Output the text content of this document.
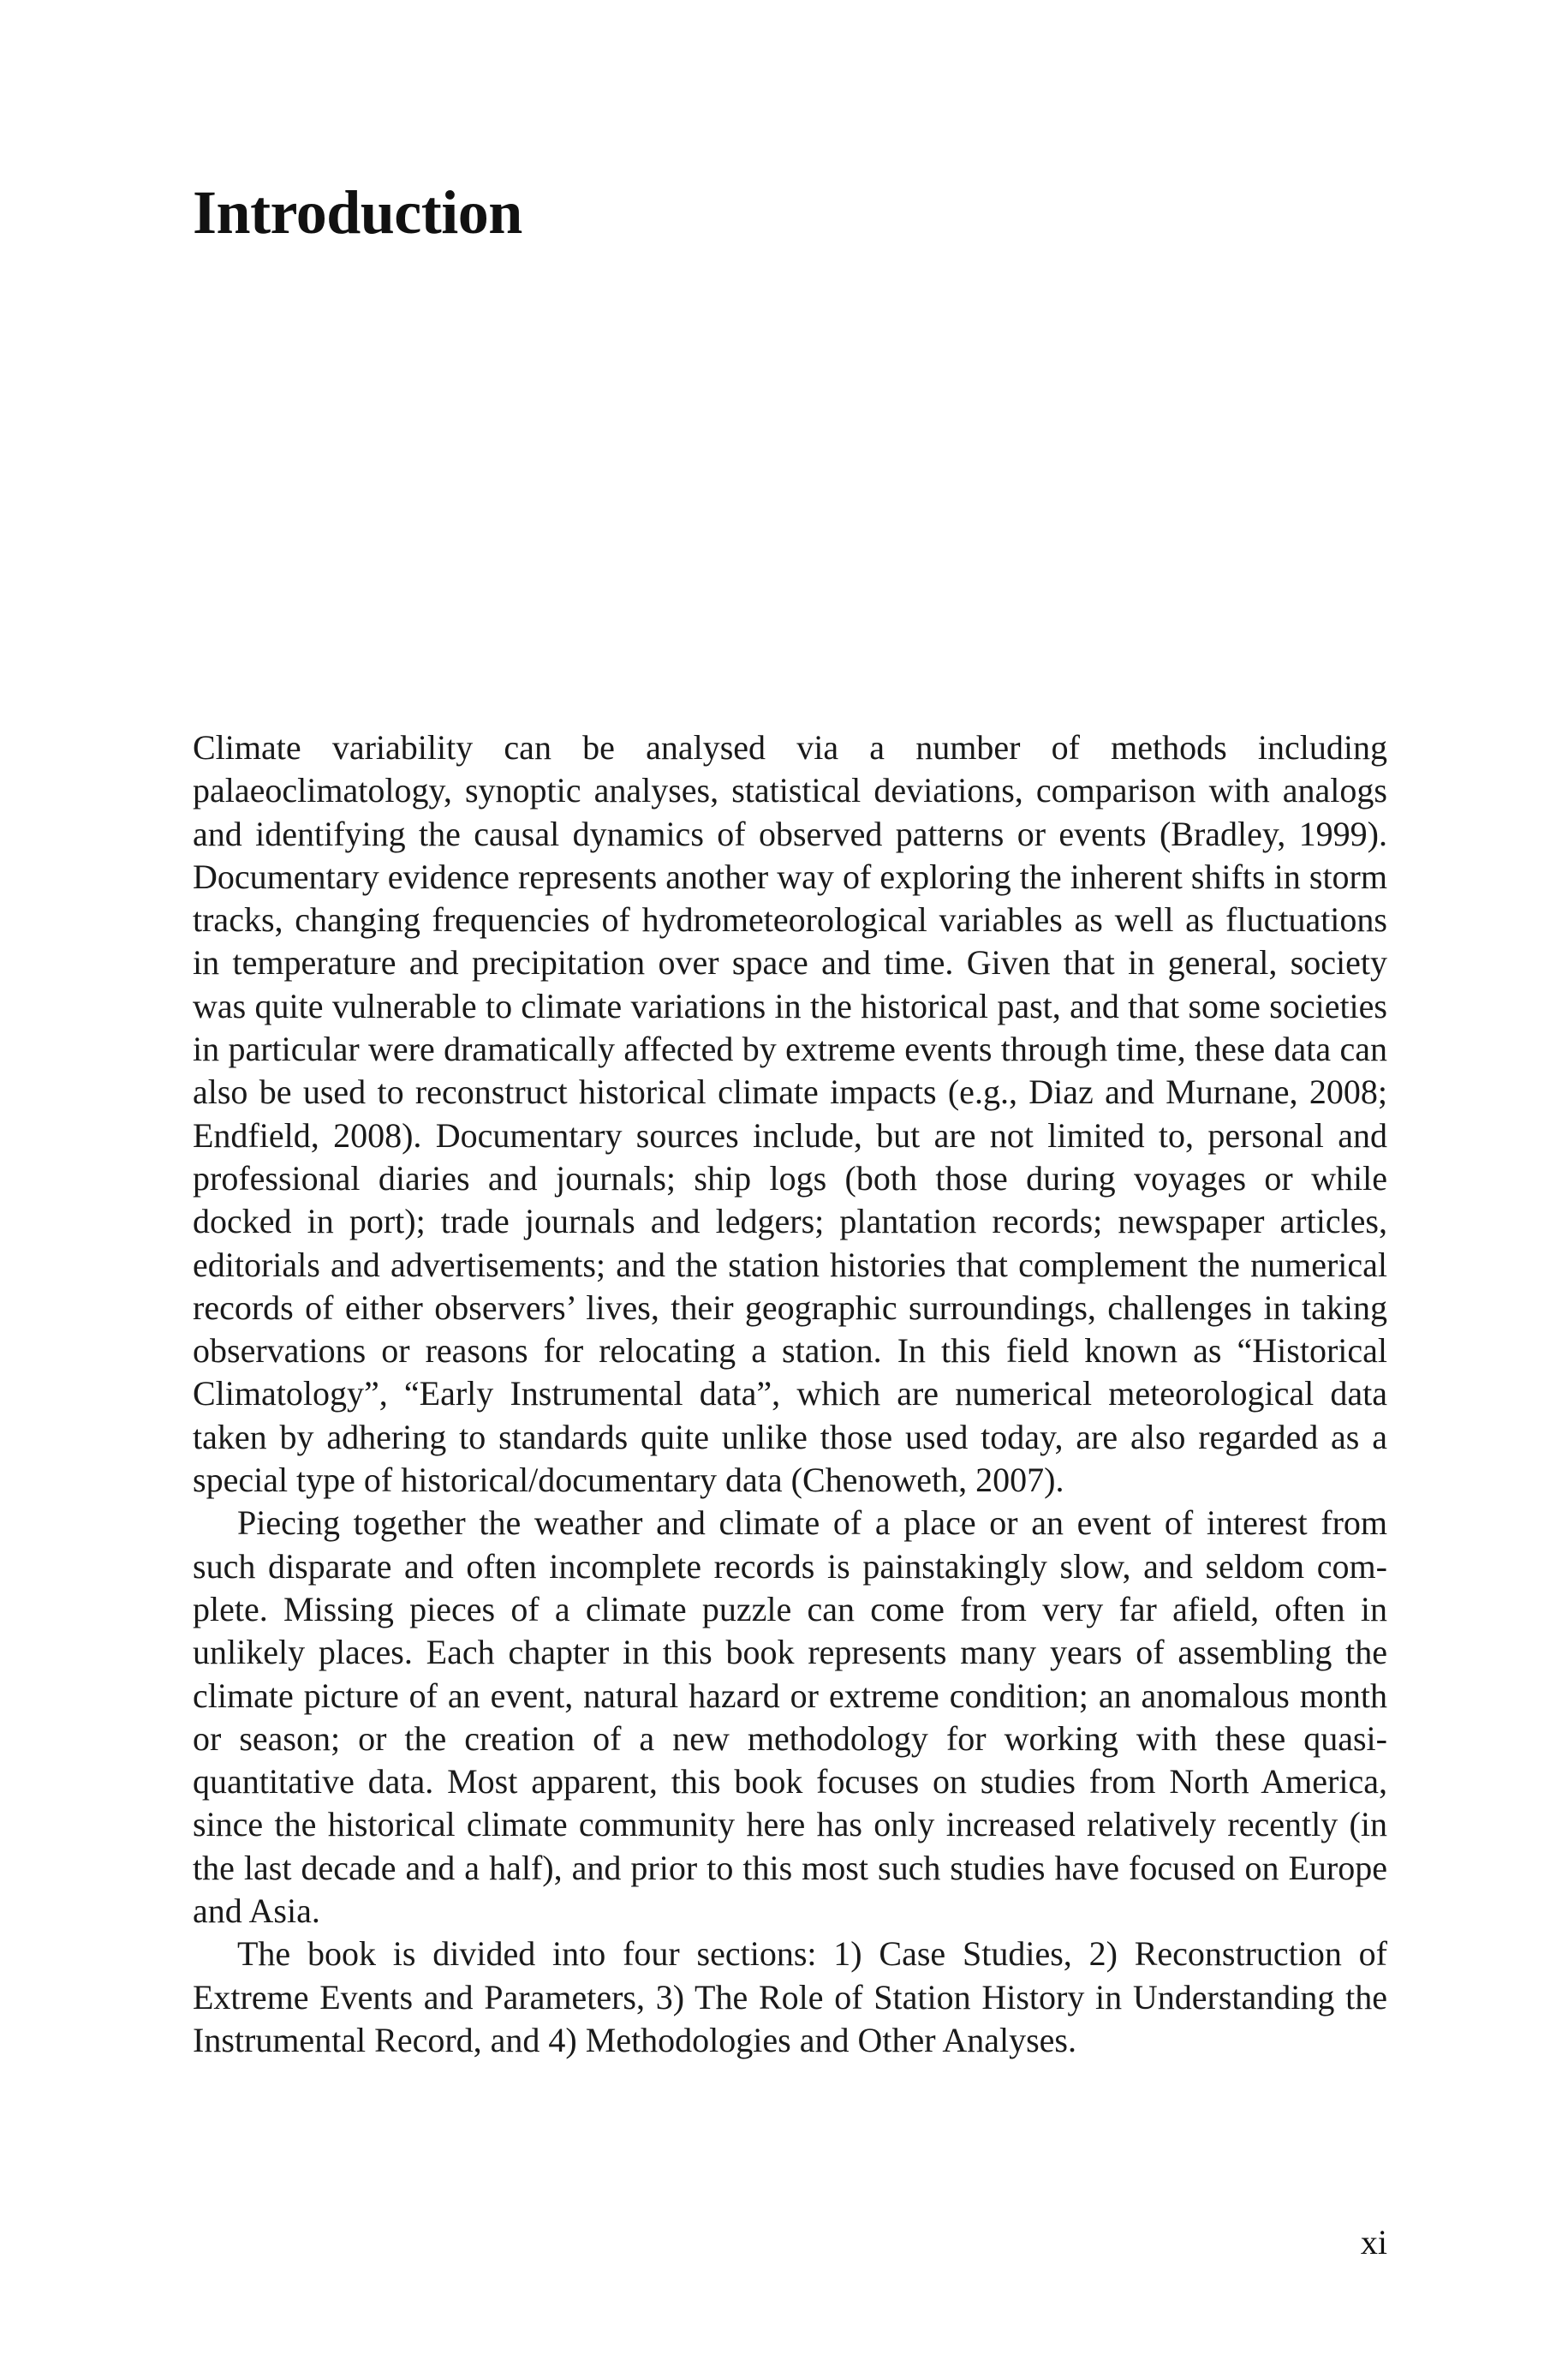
Introduction

Climate variability can be analysed via a number of methods including palaeoclimatology, synoptic analyses, statistical deviations, comparison with analogs and identifying the causal dynamics of observed patterns or events (Bradley, 1999). Documentary evidence represents another way of exploring the inherent shifts in storm tracks, changing frequencies of hydrometeorological variables as well as fluctuations in temperature and precipitation over space and time. Given that in general, society was quite vulnerable to climate variations in the historical past, and that some societies in particular were dramatically affected by extreme events through time, these data can also be used to reconstruct historical climate impacts (e.g., Diaz and Murnane, 2008; Endfield, 2008). Documentary sources include, but are not limited to, personal and professional diaries and journals; ship logs (both those during voyages or while docked in port); trade journals and ledgers; plantation records; newspaper articles, editorials and advertisements; and the station histories that complement the numerical records of either observers’ lives, their geographic surroundings, challenges in taking observations or reasons for relocating a station. In this field known as “Historical Climatology”, “Early Instrumental data”, which are numerical meteorological data taken by adhering to standards quite unlike those used today, are also regarded as a special type of historical/documentary data (Chenoweth, 2007).

Piecing together the weather and climate of a place or an event of interest from such disparate and often incomplete records is painstakingly slow, and seldom complete. Missing pieces of a climate puzzle can come from very far afield, often in unlikely places. Each chapter in this book represents many years of assembling the climate picture of an event, natural hazard or extreme condition; an anomalous month or season; or the creation of a new methodology for working with these quasi-quantitative data. Most apparent, this book focuses on studies from North America, since the historical climate community here has only increased relatively recently (in the last decade and a half), and prior to this most such studies have focused on Europe and Asia.

The book is divided into four sections: 1) Case Studies, 2) Reconstruction of Extreme Events and Parameters, 3) The Role of Station History in Understanding the Instrumental Record, and 4) Methodologies and Other Analyses.

xi
